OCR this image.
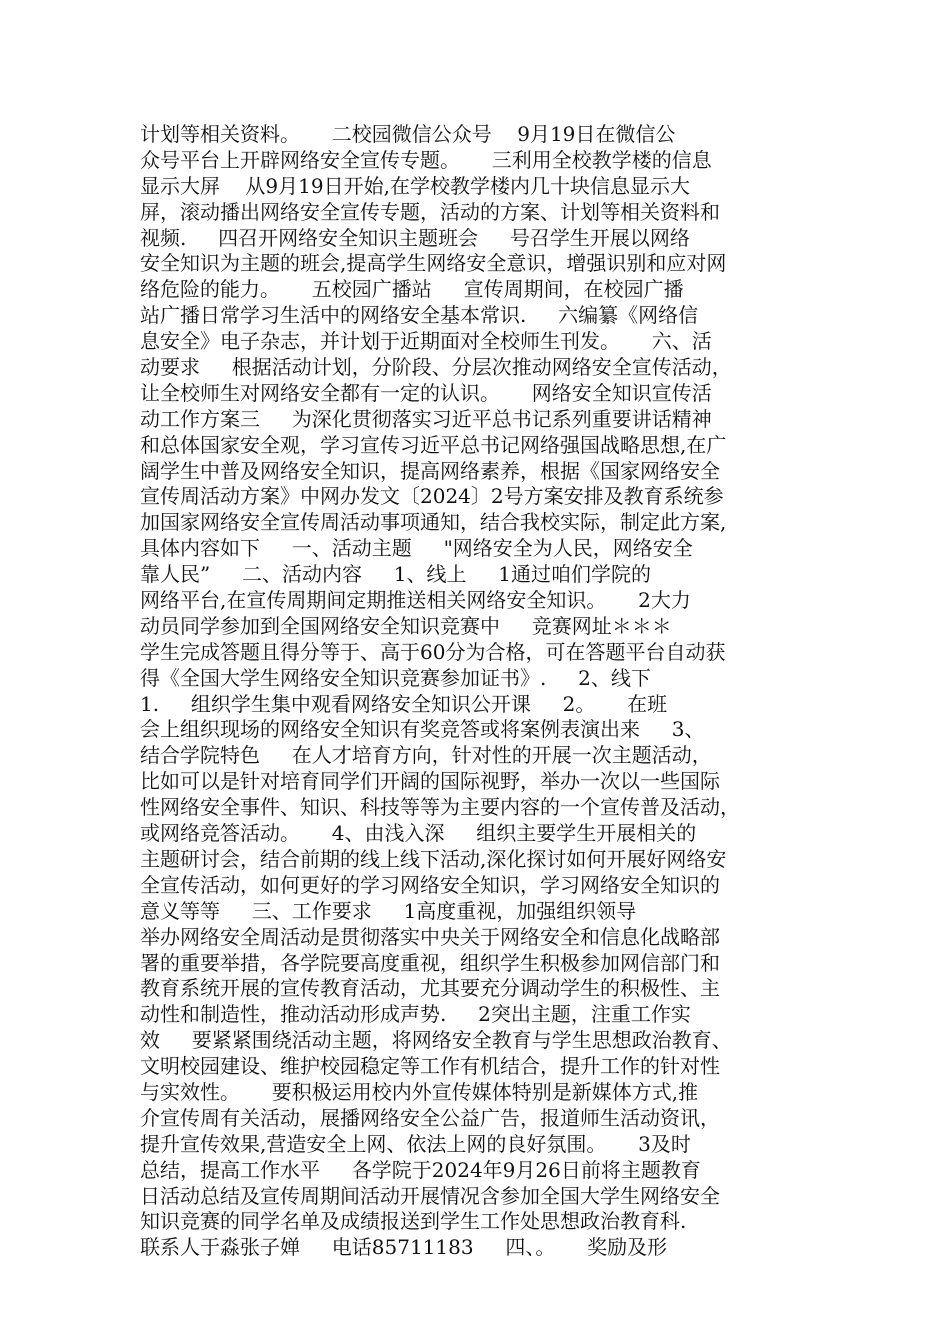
计划等相关资料。     二校园微信公众号    9月19日在微信公
众号平台上开辟网络安全宣传专题。     三利用全校教学楼的信息
显示大屏    从9月19日开始,在学校教学楼内几十块信息显示大
屏，滚动播出网络安全宣传专题，活动的方案、计划等相关资料和
视频.     四召开网络安全知识主题班会     号召学生开展以网络
安全知识为主题的班会,提高学生网络安全意识，增强识别和应对网
络危险的能力。     五校园广播站     宣传周期间，在校园广播
站广播日常学习生活中的网络安全基本常识.     六编纂《网络信
息安全》电子杂志，并计划于近期面对全校师生刊发。     六、活
动要求     根据活动计划，分阶段、分层次推动网络安全宣传活动，
让全校师生对网络安全都有一定的认识。     网络安全知识宣传活
动工作方案三     为深化贯彻落实习近平总书记系列重要讲话精神
和总体国家安全观，学习宣传习近平总书记网络强国战略思想,在广
阔学生中普及网络安全知识，提高网络素养，根据《国家网络安全
宣传周活动方案》中网办发文〔2024〕2号方案安排及教育系统参
加国家网络安全宣传周活动事项通知，结合我校实际，制定此方案,
具体内容如下     一、活动主题     "网络安全为人民，网络安全
靠人民”     二、活动内容     1、线上     1通过咱们学院的
网络平台,在宣传周期间定期推送相关网络安全知识。     2大力
动员同学参加到全国网络安全知识竞赛中     竞赛网址＊＊＊
学生完成答题且得分等于、高于60分为合格，可在答题平台自动获
得《全国大学生网络安全知识竞赛参加证书》.     2、线下
1.     组织学生集中观看网络安全知识公开课     2。     在班
会上组织现场的网络安全知识有奖竞答或将案例表演出来     3、
结合学院特色     在人才培育方向，针对性的开展一次主题活动，
比如可以是针对培育同学们开阔的国际视野，举办一次以一些国际
性网络安全事件、知识、科技等等为主要内容的一个宣传普及活动，
或网络竞答活动。     4、由浅入深     组织主要学生开展相关的
主题研讨会，结合前期的线上线下活动,深化探讨如何开展好网络安
全宣传活动，如何更好的学习网络安全知识，学习网络安全知识的
意义等等     三、工作要求     1高度重视，加强组织领导
举办网络安全周活动是贯彻落实中央关于网络安全和信息化战略部
署的重要举措，各学院要高度重视，组织学生积极参加网信部门和
教育系统开展的宣传教育活动，尤其要充分调动学生的积极性、主
动性和制造性，推动活动形成声势.     2突出主题，注重工作实
效     要紧紧围绕活动主题，将网络安全教育与学生思想政治教育、
文明校园建设、维护校园稳定等工作有机结合，提升工作的针对性
与实效性。     要积极运用校内外宣传媒体特别是新媒体方式,推
介宣传周有关活动，展播网络安全公益广告，报道师生活动资讯，
提升宣传效果,营造安全上网、依法上网的良好氛围。     3及时
总结，提高工作水平     各学院于2024年9月26日前将主题教育
日活动总结及宣传周期间活动开展情况含参加全国大学生网络安全
知识竞赛的同学名单及成绩报送到学生工作处思想政治教育科.
联系人于淼张子婵     电话85711183     四、。     奖励及形
